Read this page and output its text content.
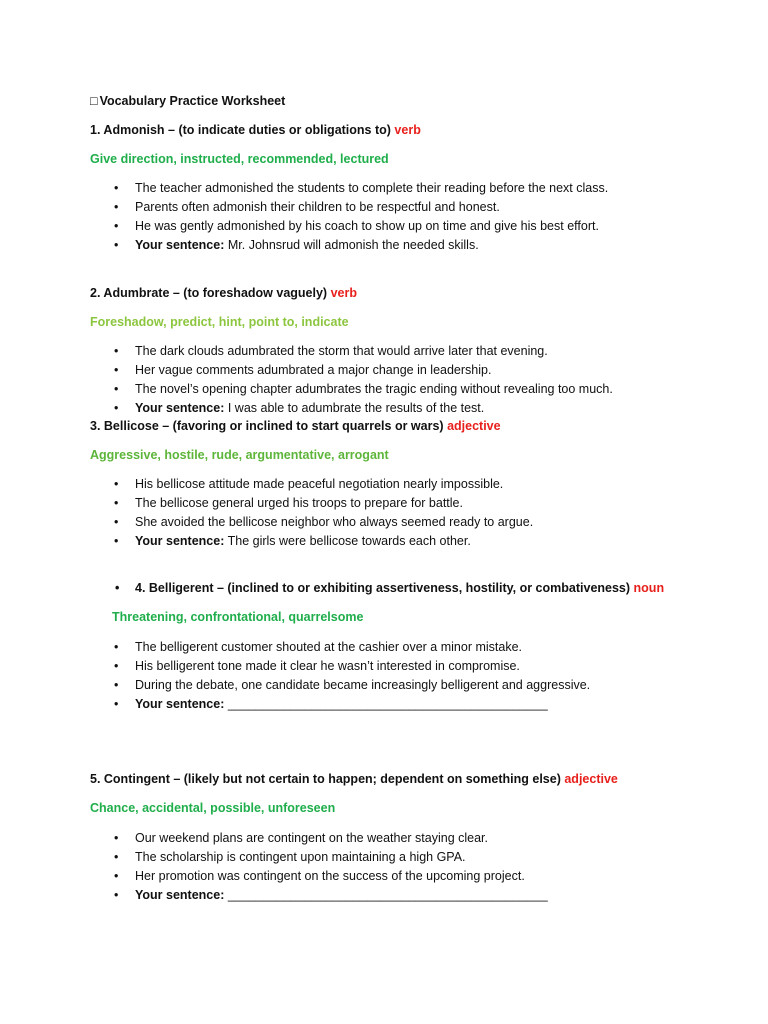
□ Vocabulary Practice Worksheet
1. Admonish – (to indicate duties or obligations to) verb
Give direction, instructed, recommended, lectured
• The teacher admonished the students to complete their reading before the next class.
• Parents often admonish their children to be respectful and honest.
• He was gently admonished by his coach to show up on time and give his best effort.
• Your sentence: Mr. Johnsrud will admonish the needed skills.
2. Adumbrate – (to foreshadow vaguely) verb
Foreshadow, predict, hint, point to, indicate
• The dark clouds adumbrated the storm that would arrive later that evening.
• Her vague comments adumbrated a major change in leadership.
• The novel’s opening chapter adumbrates the tragic ending without revealing too much.
• Your sentence: I was able to adumbrate the results of the test.
3. Bellicose – (favoring or inclined to start quarrels or wars) adjective
Aggressive, hostile, rude, argumentative, arrogant
• His bellicose attitude made peaceful negotiation nearly impossible.
• The bellicose general urged his troops to prepare for battle.
• She avoided the bellicose neighbor who always seemed ready to argue.
• Your sentence: The girls were bellicose towards each other.
• 4. Belligerent – (inclined to or exhibiting assertiveness, hostility, or combativeness) noun
Threatening, confrontational, quarrelsome
• The belligerent customer shouted at the cashier over a minor mistake.
• His belligerent tone made it clear he wasn’t interested in compromise.
• During the debate, one candidate became increasingly belligerent and aggressive.
• Your sentence: ______________________________________________
5. Contingent – (likely but not certain to happen; dependent on something else) adjective
Chance, accidental, possible, unforeseen
• Our weekend plans are contingent on the weather staying clear.
• The scholarship is contingent upon maintaining a high GPA.
• Her promotion was contingent on the success of the upcoming project.
• Your sentence: ______________________________________________
